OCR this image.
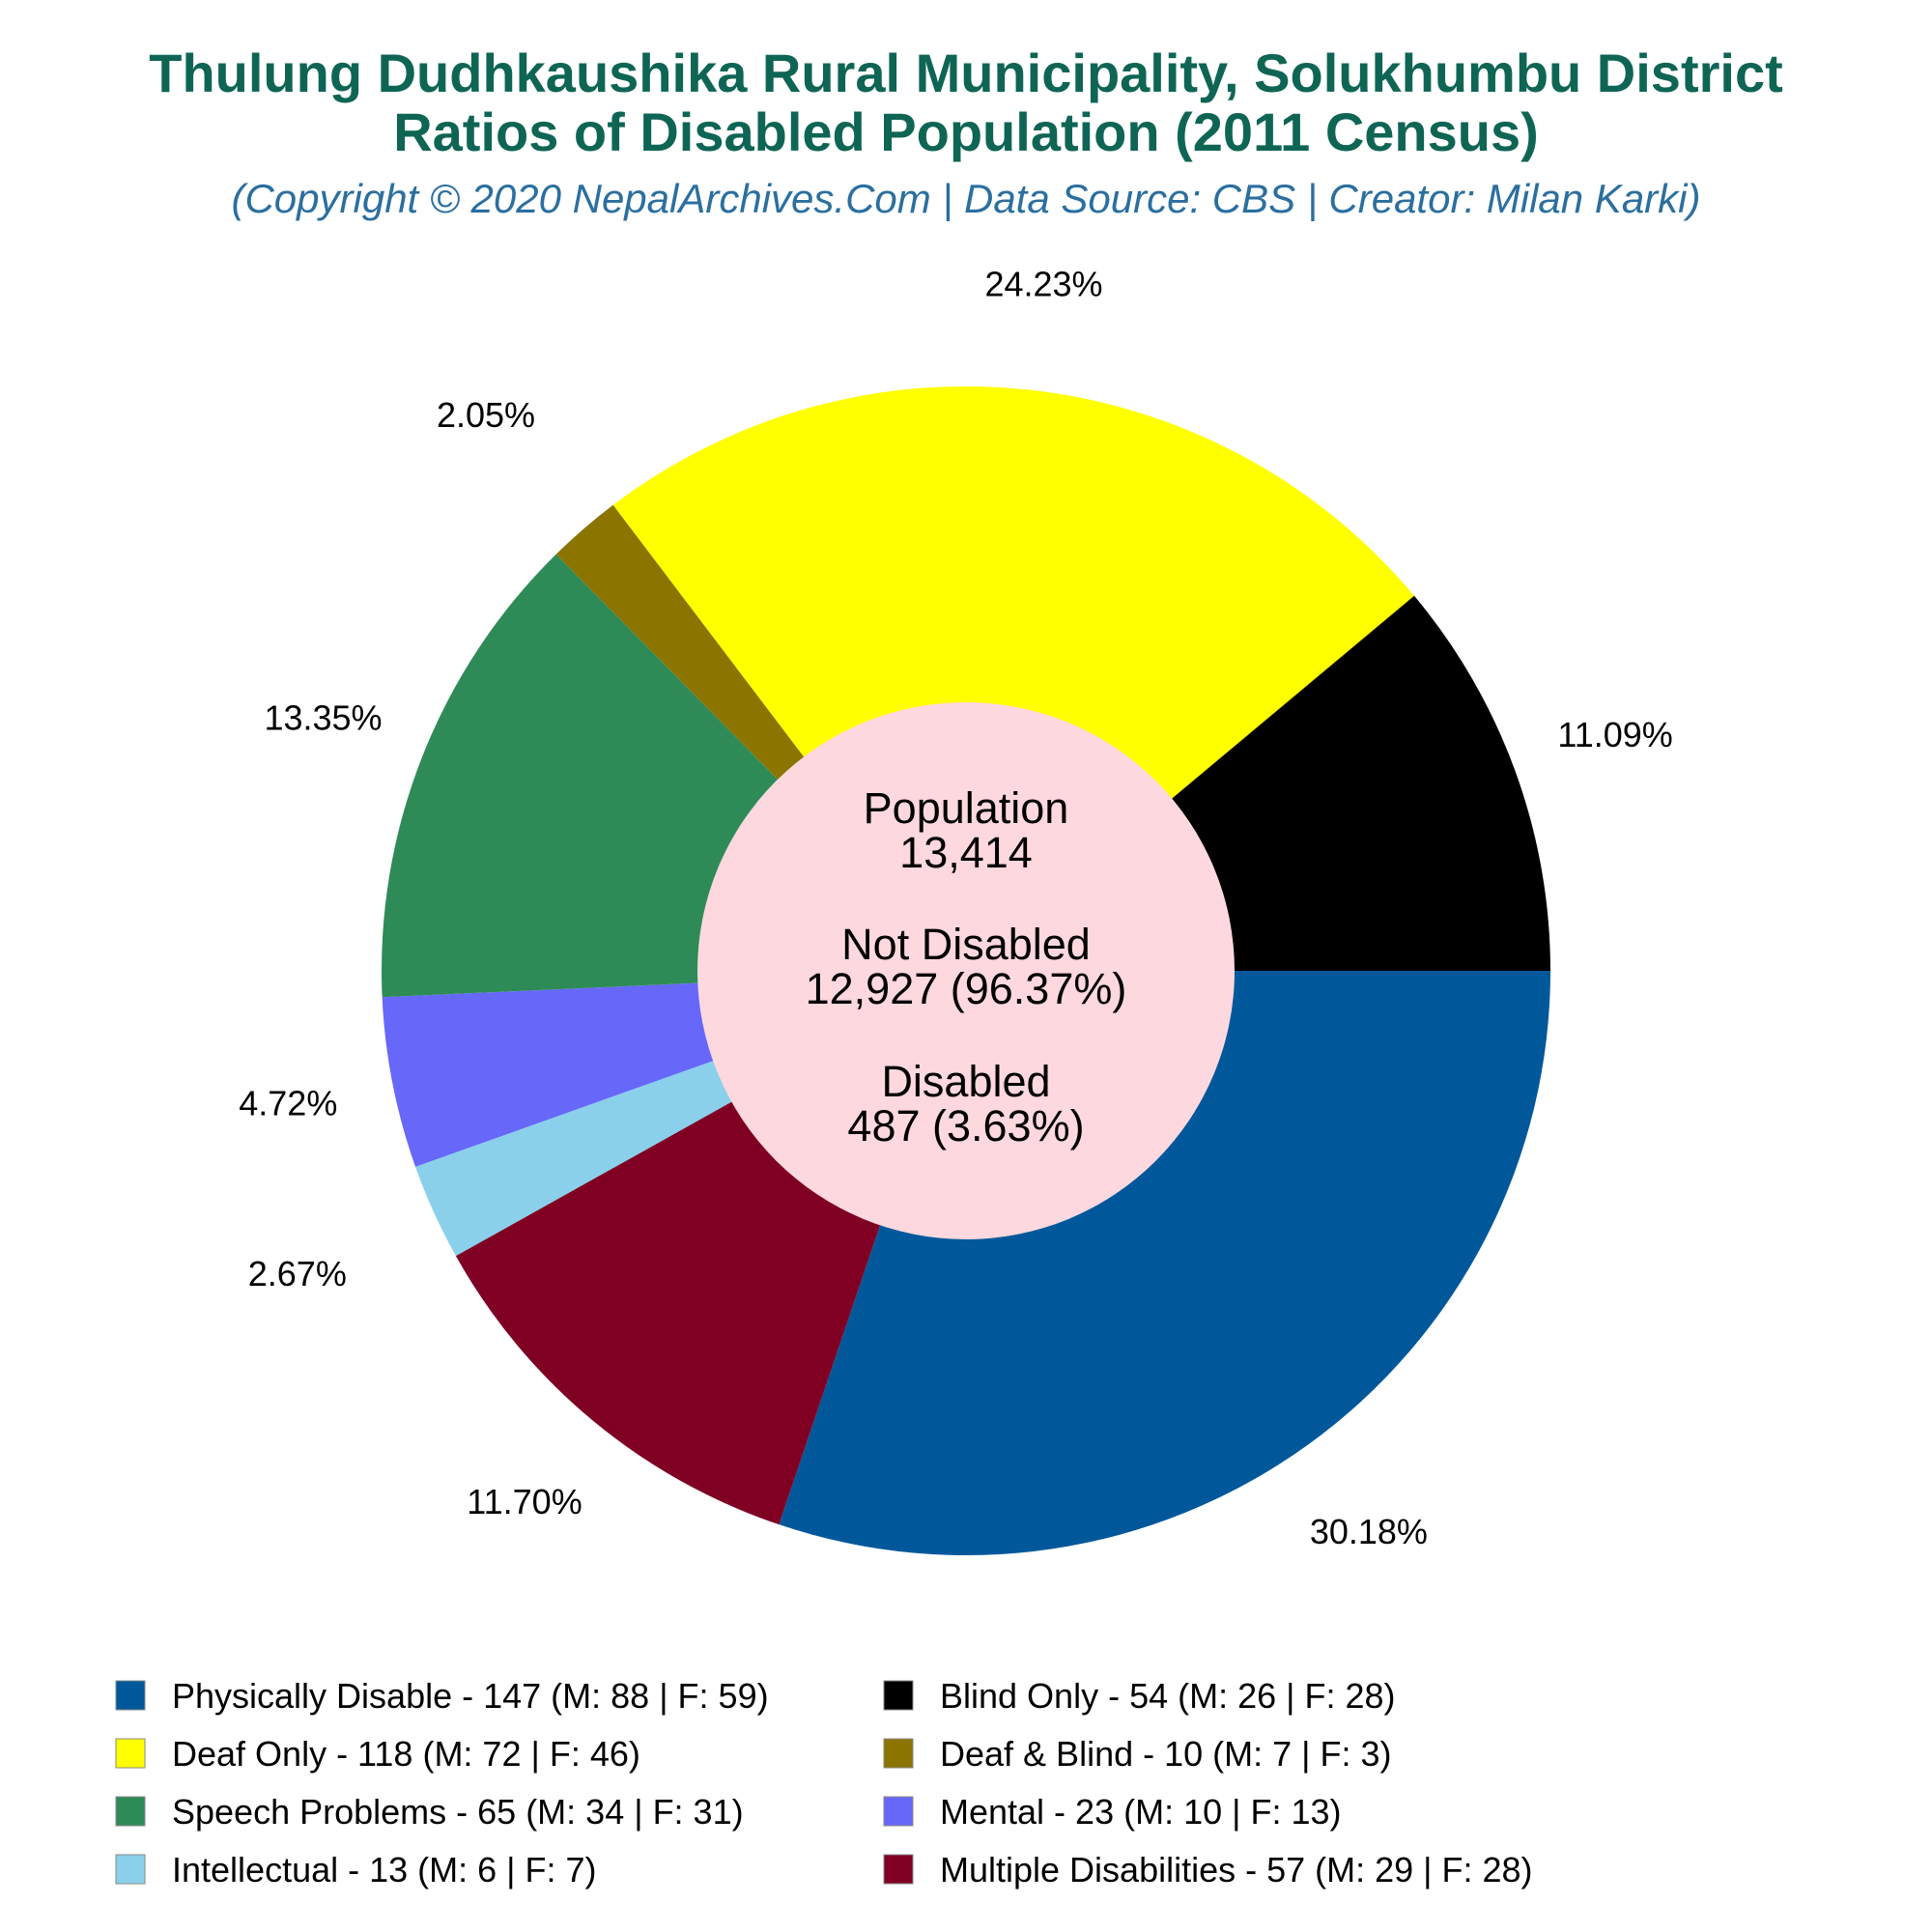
Thulung Dudhkaushika Rural Municipality, Solukhumbu District
Ratios of Disabled Population (2011 Census)
(Copyright © 2020 NepalArchives.Com | Data Source: CBS | Creator: Milan Karki)
30.18%
11.70%
2.67%
4.72%
13.35%
2.05%
24.23%
11.09%
Population
13,414
Not Disabled
12,927 (96.37%)
Disabled
487 (3.63%)
Physically Disable - 147 (M: 88 | F: 59)	Blind Only - 54 (M: 26 | F: 28)
Deaf Only - 118 (M: 72 | F: 46)	Deaf & Blind - 10 (M: 7 | F: 3)
Speech Problems - 65 (M: 34 | F: 31)	Mental - 23 (M: 10 | F: 13)
Intellectual - 13 (M: 6 | F: 7)	Multiple Disabilities - 57 (M: 29 | F: 28)
